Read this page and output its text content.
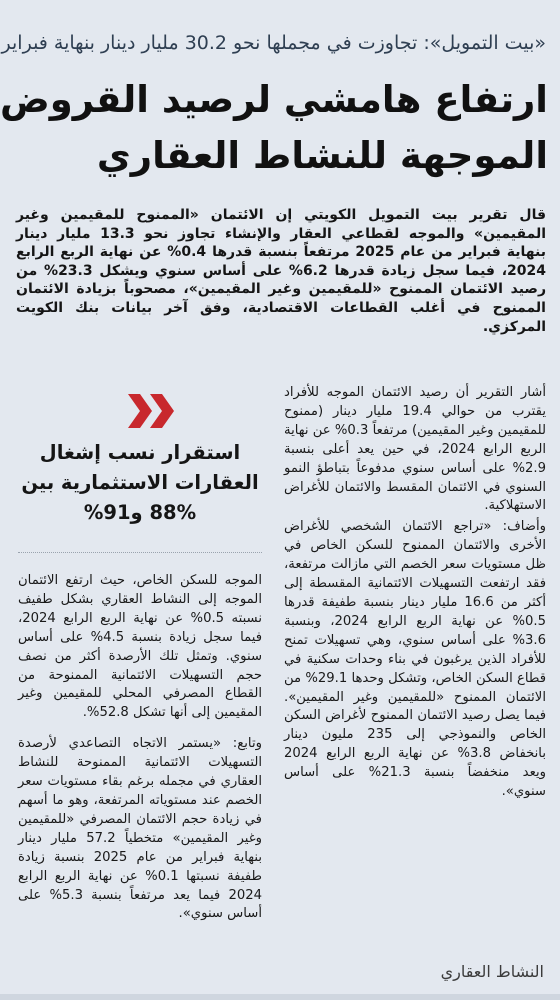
«بيت التمويل»: تجاوزت في مجملها نحو 30.2 مليار دينار بنهاية فبراير
ارتفاع هامشي لرصيد القروض
الموجهة للنشاط العقاري
قال تقرير بيت التمويل الكويتي إن الائتمان «الممنوح للمقيمين وغير المقيمين» والموجه لقطاعي العقار والإنشاء تجاوز نحو 13.3 مليار دينار بنهاية فبراير من عام 2025 مرتفعاً بنسبة قدرها 0.4% عن نهاية الربع الرابع 2024، فيما سجل زيادة قدرها 6.2% على أساس سنوي ويشكل 23.3% من رصيد الائتمان الممنوح «للمقيمين وغير المقيمين»، مصحوباً بزيادة الائتمان الممنوح في أغلب القطاعات الاقتصادية، وفق آخر بيانات بنك الكويت المركزي.

أشار التقرير أن رصيد الائتمان الموجه للأفراد يقترب من حوالي 19.4 مليار دينار (ممنوح للمقيمين وغير المقيمين) مرتفعاً 0.3% عن نهاية الربع الرابع 2024، في حين يعد أعلى بنسبة 2.9% على أساس سنوي مدفوعاً بتباطؤ النمو السنوي في الائتمان المقسط والائتمان للأغراض الاستهلاكية.

وأضاف: «تراجع الائتمان الشخصي للأغراض الأخرى والائتمان الممنوح للسكن الخاص في ظل مستويات سعر الخصم التي مازالت مرتفعة، فقد ارتفعت التسهيلات الائتمانية المقسطة إلى أكثر من 16.6 مليار دينار بنسبة طفيفة قدرها 0.5% عن نهاية الربع الرابع 2024، وبنسبة 3.6% على أساس سنوي، وهي تسهيلات تمنح للأفراد الذين يرغبون في بناء وحدات سكنية في قطاع السكن الخاص، وتشكل وحدها 29.1% من الائتمان الممنوح «للمقيمين وغير المقيمين». فيما يصل رصيد الائتمان الممنوح لأغراض السكن الخاص والنموذجي إلى 235 مليون دينار بانخفاض 3.8% عن نهاية الربع الرابع 2024 ويعد منخفضاً بنسبة 21.3% على أساس سنوي».

استقرار نسب إشغال
العقارات الاستثمارية بين
88% و91%

الموجه للسكن الخاص، حيث ارتفع الائتمان الموجه إلى النشاط العقاري بشكل طفيف نسبته 0.5% عن نهاية الربع الرابع 2024، فيما سجل زيادة بنسبة 4.5% على أساس سنوي. وتمثل تلك الأرصدة أكثر من نصف حجم التسهيلات الائتمانية الممنوحة من القطاع المصرفي المحلي للمقيمين وغير المقيمين إلى أنها تشكل 52.8%.

وتابع: «يستمر الاتجاه التصاعدي لأرصدة التسهيلات الائتمانية الممنوحة للنشاط العقاري في مجمله برغم بقاء مستويات سعر الخصم عند مستوياته المرتفعة، وهو ما أسهم في زيادة حجم الائتمان المصرفي «للمقيمين وغير المقيمين» متخطياً 57.2 مليار دينار بنهاية فبراير من عام 2025 بنسبة زيادة طفيفة نسبتها 0.1% عن نهاية الربع الرابع 2024 فيما يعد مرتفعاً بنسبة 5.3% على أساس سنوي».

النشاط العقاري
